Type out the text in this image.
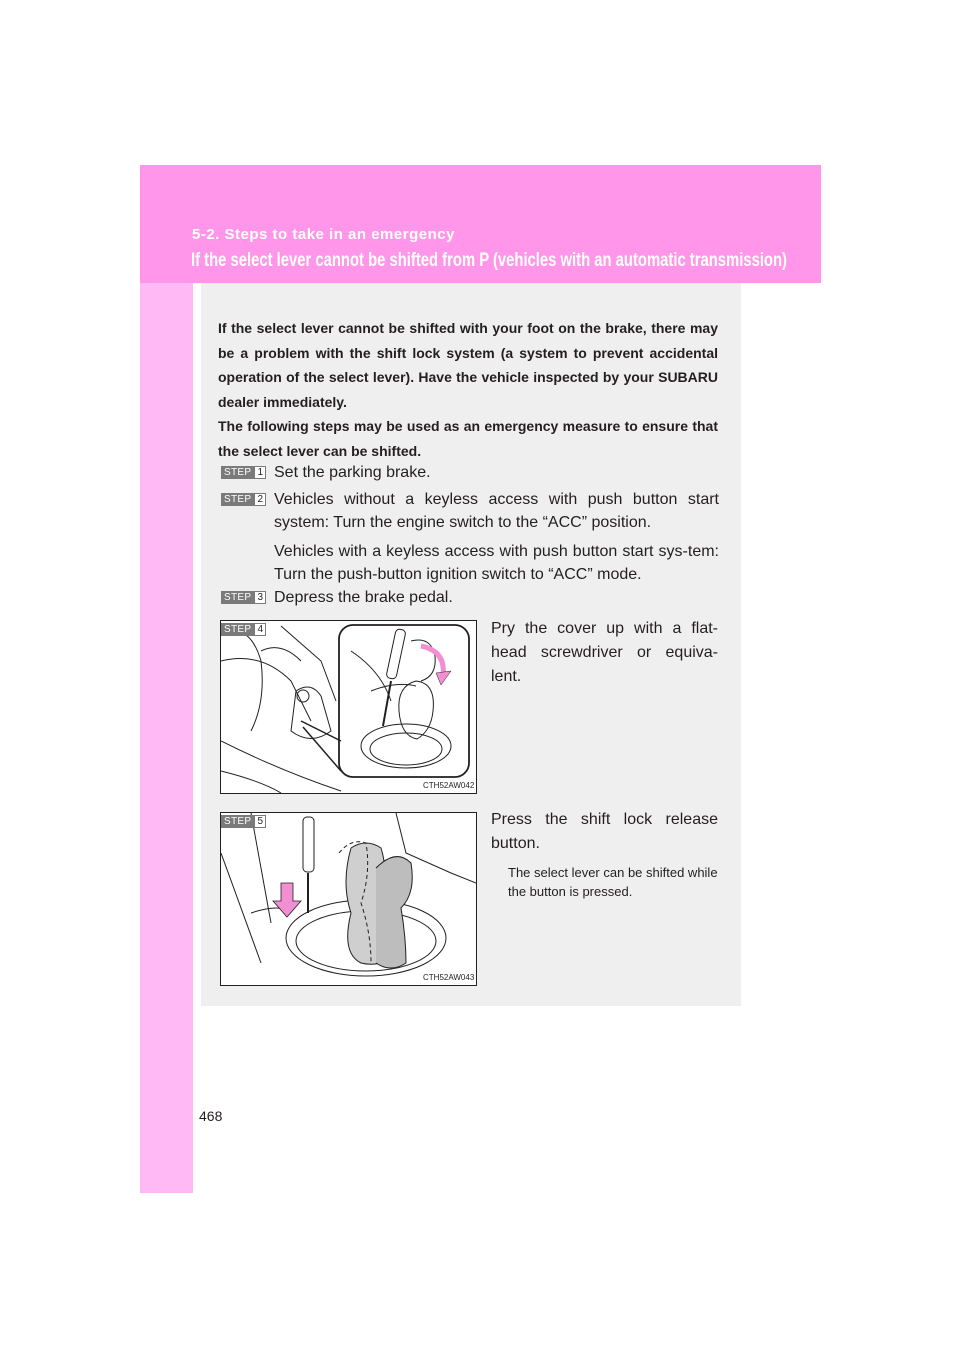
5-2. Steps to take in an emergency
If the select lever cannot be shifted from P (vehicles with an automatic transmission)

If the select lever cannot be shifted with your foot on the brake, there may be a problem with the shift lock system (a system to prevent accidental operation of the select lever). Have the vehicle inspected by your SUBARU dealer immediately.

The following steps may be used as an emergency measure to ensure that the select lever can be shifted.

STEP 1 Set the parking brake.
STEP 2 Vehicles without a keyless access with push button start system: Turn the engine switch to the “ACC” position.
Vehicles with a keyless access with push button start sys-tem: Turn the push-button ignition switch to “ACC” mode.
STEP 3 Depress the brake pedal.
CTH52AW042
STEP 4	Pry the cover up with a flat-head screwdriver or equiva-lent.
CTH52AW043
STEP 5	Press the shift lock release button.
The select lever can be shifted while the button is pressed.
468
